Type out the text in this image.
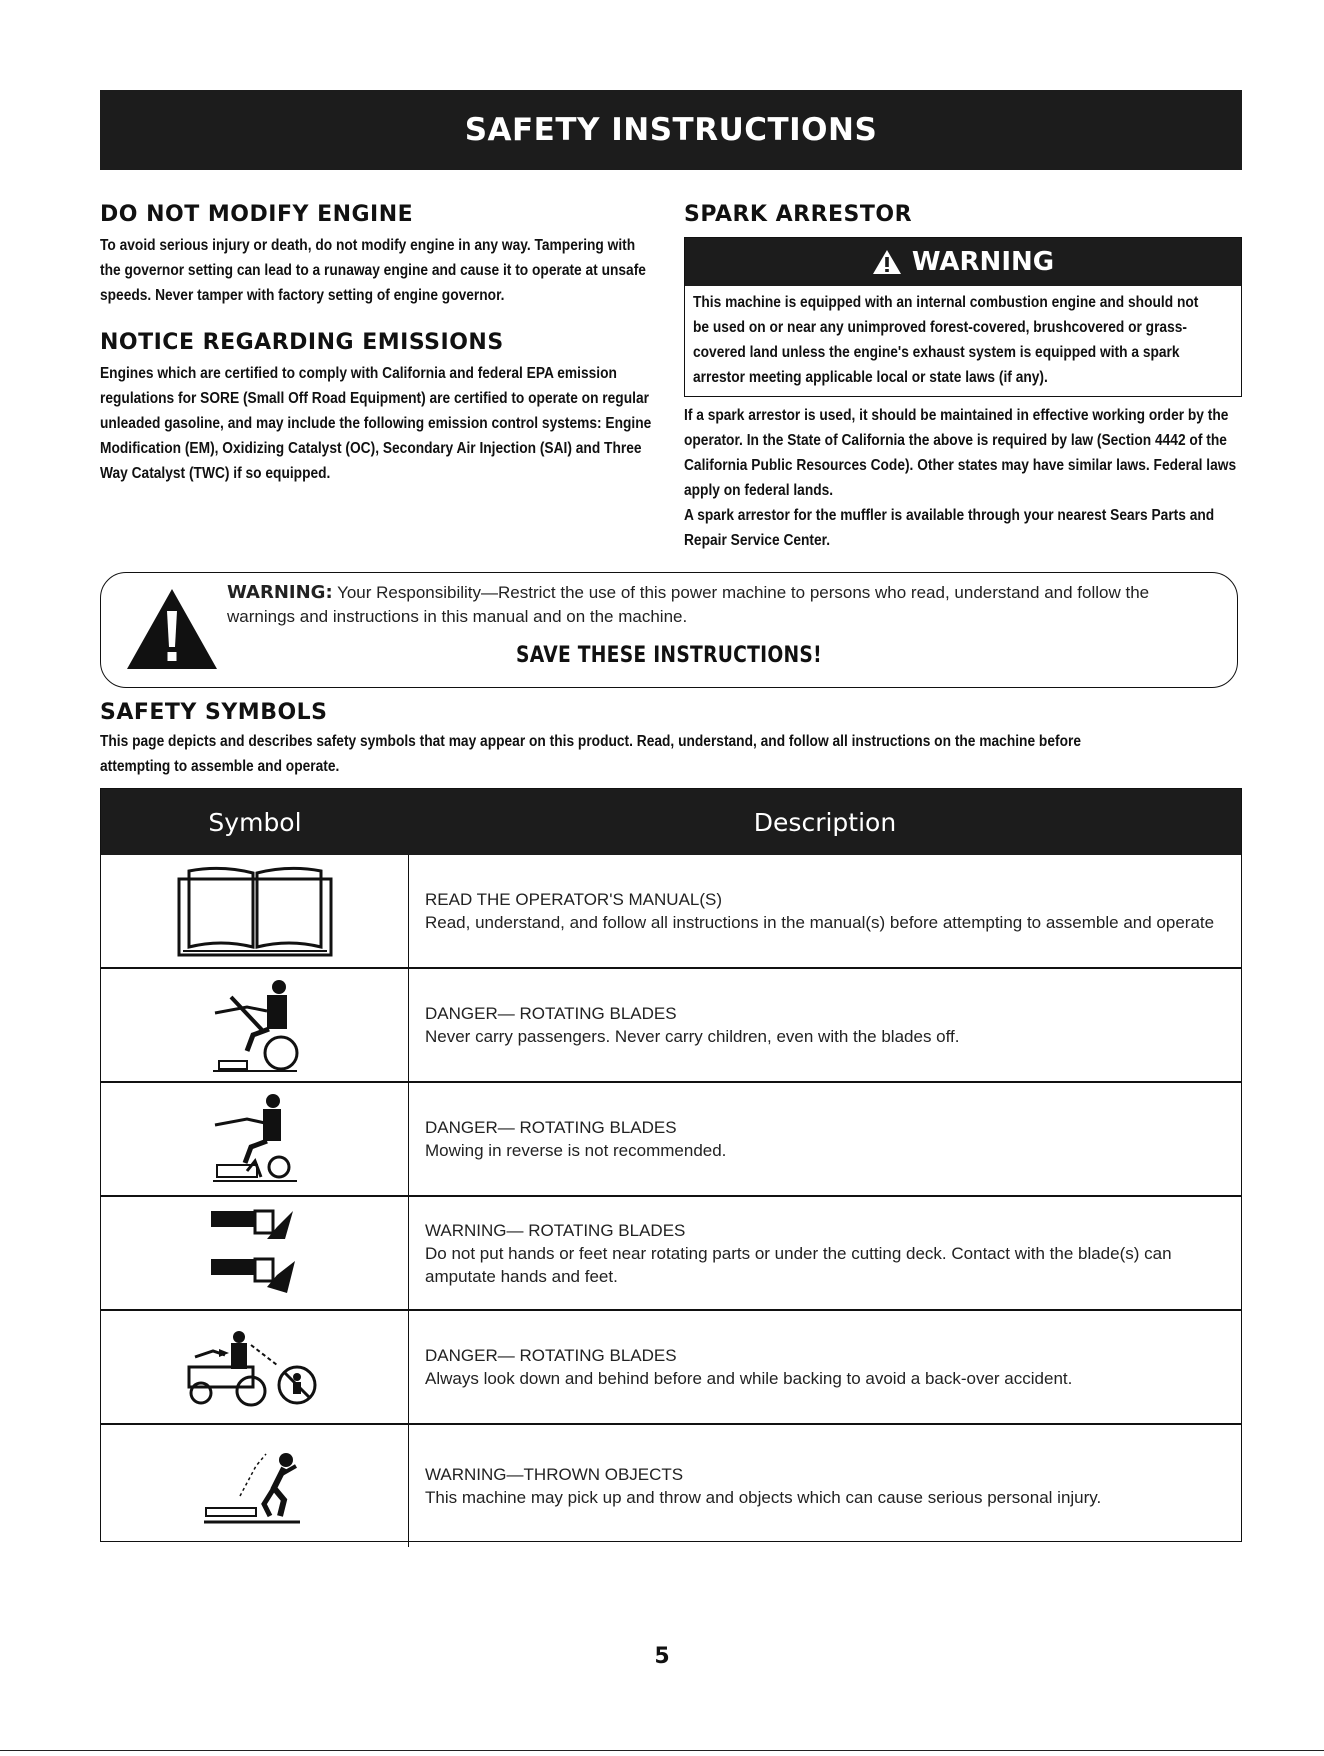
SAFETY INSTRUCTIONS
DO NOT MODIFY ENGINE

To avoid serious injury or death, do not modify engine in any way. Tampering with the governor setting can lead to a runaway engine and cause it to operate at unsafe speeds. Never tamper with factory setting of engine governor.

NOTICE REGARDING EMISSIONS

Engines which are certified to comply with California and federal EPA emission regulations for SORE (Small Off Road Equipment) are certified to operate on regular unleaded gasoline, and may include the following emission control systems: Engine Modification (EM), Oxidizing Catalyst (OC), Secondary Air Injection (SAI) and Three Way Catalyst (TWC) if so equipped.

SPARK ARRESTOR
WARNING

This machine is equipped with an internal combustion engine and should not be used on or near any unimproved forest-covered, brushcovered or grass-covered land unless the engine's exhaust system is equipped with a spark arrestor meeting applicable local or state laws (if any).

If a spark arrestor is used, it should be maintained in effective working order by the operator. In the State of California the above is required by law (Section 4442 of the California Public Resources Code). Other states may have similar laws. Federal laws apply on federal lands.

A spark arrestor for the muffler is available through your nearest Sears Parts and Repair Service Center.

WARNING: Your Responsibility—Restrict the use of this power machine to persons who read, understand and follow the warnings and instructions in this manual and on the machine.
SAVE THESE INSTRUCTIONS!
SAFETY SYMBOLS

This page depicts and describes safety symbols that may appear on this product. Read, understand, and follow all instructions on the machine before attempting to assemble and operate.

Symbol	Description
READ THE OPERATOR'S MANUAL(S)
Read, understand, and follow all instructions in the manual(s) before attempting to assemble and operate
DANGER— ROTATING BLADES
Never carry passengers. Never carry children, even with the blades off.
DANGER— ROTATING BLADES
Mowing in reverse is not recommended.
WARNING— ROTATING BLADES
Do not put hands or feet near rotating parts or under the cutting deck. Contact with the blade(s) can amputate hands and feet.
DANGER— ROTATING BLADES
Always look down and behind before and while backing to avoid a back-over accident.
WARNING—THROWN OBJECTS
This machine may pick up and throw and objects which can cause serious personal injury.
5
